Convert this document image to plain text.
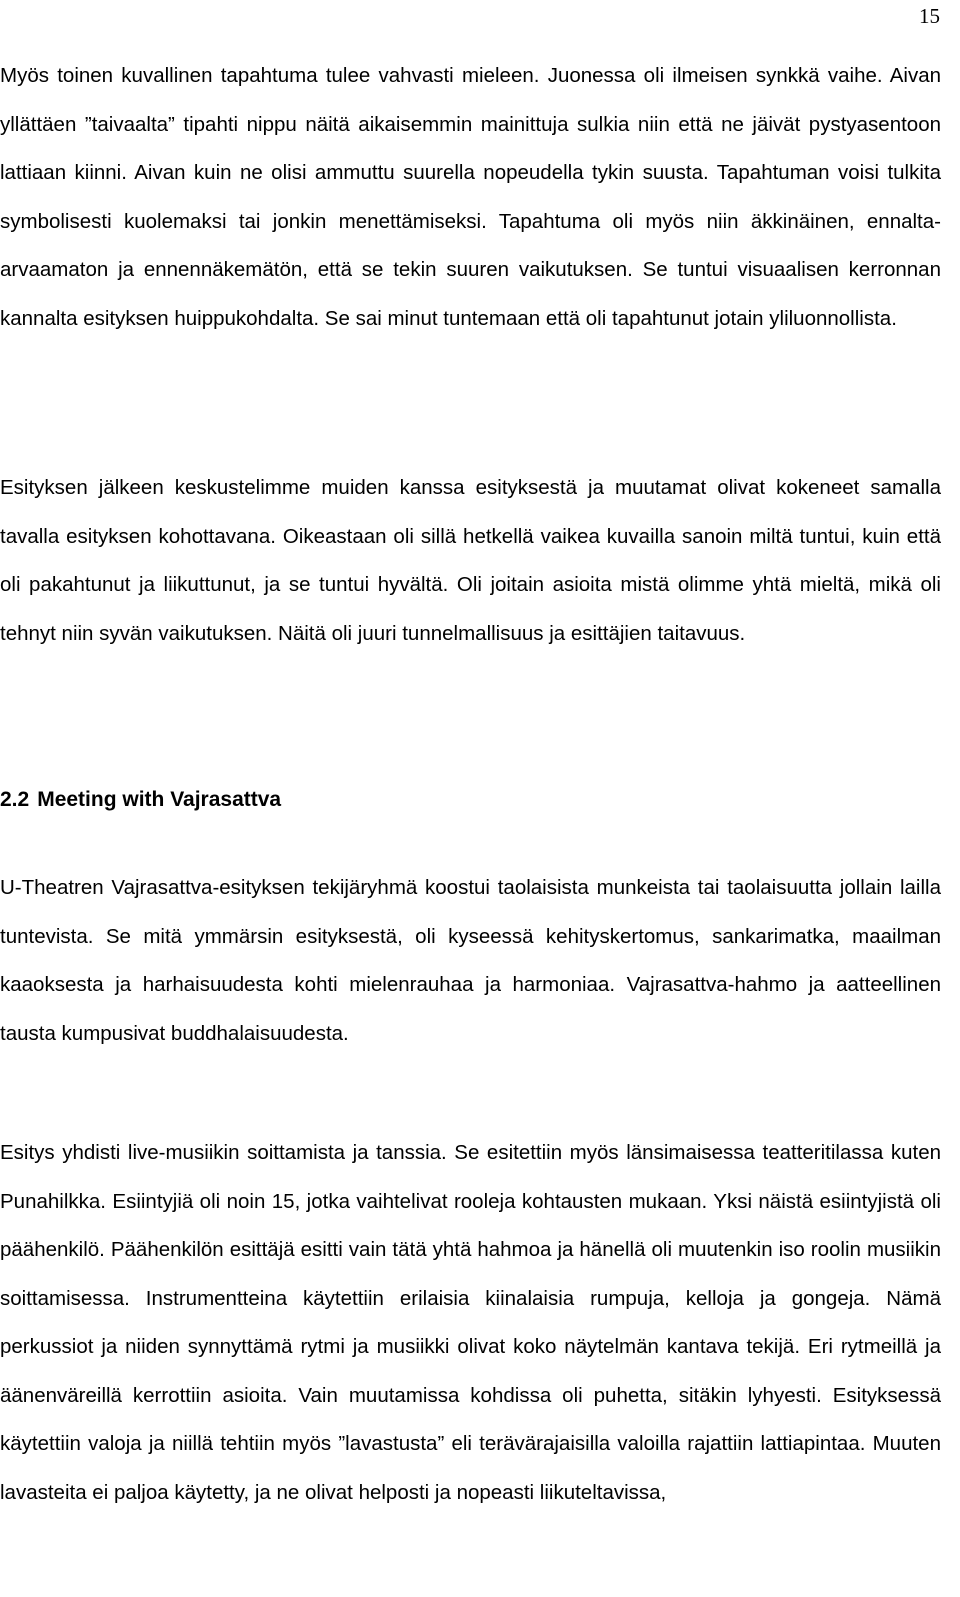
15

Myös toinen kuvallinen tapahtuma tulee vahvasti mieleen. Juonessa oli ilmeisen synkkä vaihe. Aivan yllättäen ”taivaalta” tipahti nippu näitä aikaisemmin mainittuja sulkia niin että ne jäivät pystyasentoon lattiaan kiinni. Aivan kuin ne olisi ammuttu suurella nopeudella tykin suusta. Tapahtuman voisi tulkita symbolisesti kuolemaksi tai jonkin menettämiseksi. Tapahtuma oli myös niin äkkinäinen, ennalta-arvaamaton ja ennennäkemätön, että se tekin suuren vaikutuksen. Se tuntui visuaalisen kerronnan kannalta esityksen huippukohdalta. Se sai minut tuntemaan että oli tapahtunut jotain yliluonnollista.

Esityksen jälkeen keskustelimme muiden kanssa esityksestä ja muutamat olivat kokeneet samalla tavalla esityksen kohottavana. Oikeastaan oli sillä hetkellä vaikea kuvailla sanoin miltä tuntui, kuin että oli pakahtunut ja liikuttunut, ja se tuntui hyvältä. Oli joitain asioita mistä olimme yhtä mieltä, mikä oli tehnyt niin syvän vaikutuksen. Näitä oli juuri tunnelmallisuus ja esittäjien taitavuus.

2.2 Meeting with Vajrasattva

U-Theatren Vajrasattva-esityksen tekijäryhmä koostui taolaisista munkeista tai taolaisuutta jollain lailla tuntevista. Se mitä ymmärsin esityksestä, oli kyseessä kehityskertomus, sankarimatka, maailman kaaoksesta ja harhaisuudesta kohti mielenrauhaa ja harmoniaa. Vajrasattva-hahmo ja aatteellinen tausta kumpusivat buddhalaisuudesta.

Esitys yhdisti live-musiikin soittamista ja tanssia. Se esitettiin myös länsimaisessa teatteritilassa kuten Punahilkka. Esiintyjiä oli noin 15, jotka vaihtelivat rooleja kohtausten mukaan. Yksi näistä esiintyjistä oli päähenkilö. Päähenkilön esittäjä esitti vain tätä yhtä hahmoa ja hänellä oli muutenkin iso roolin musiikin soittamisessa. Instrumentteina käytettiin erilaisia kiinalaisia rumpuja, kelloja ja gongeja. Nämä perkussiot ja niiden synnyttämä rytmi ja musiikki olivat koko näytelmän kantava tekijä. Eri rytmeillä ja äänenväreillä kerrottiin asioita. Vain muutamissa kohdissa oli puhetta, sitäkin lyhyesti. Esityksessä käytettiin valoja ja niillä tehtiin myös ”lavastusta” eli terävärajaisilla valoilla rajattiin lattiapintaa. Muuten lavasteita ei paljoa käytetty, ja ne olivat helposti ja nopeasti liikuteltavissa,
